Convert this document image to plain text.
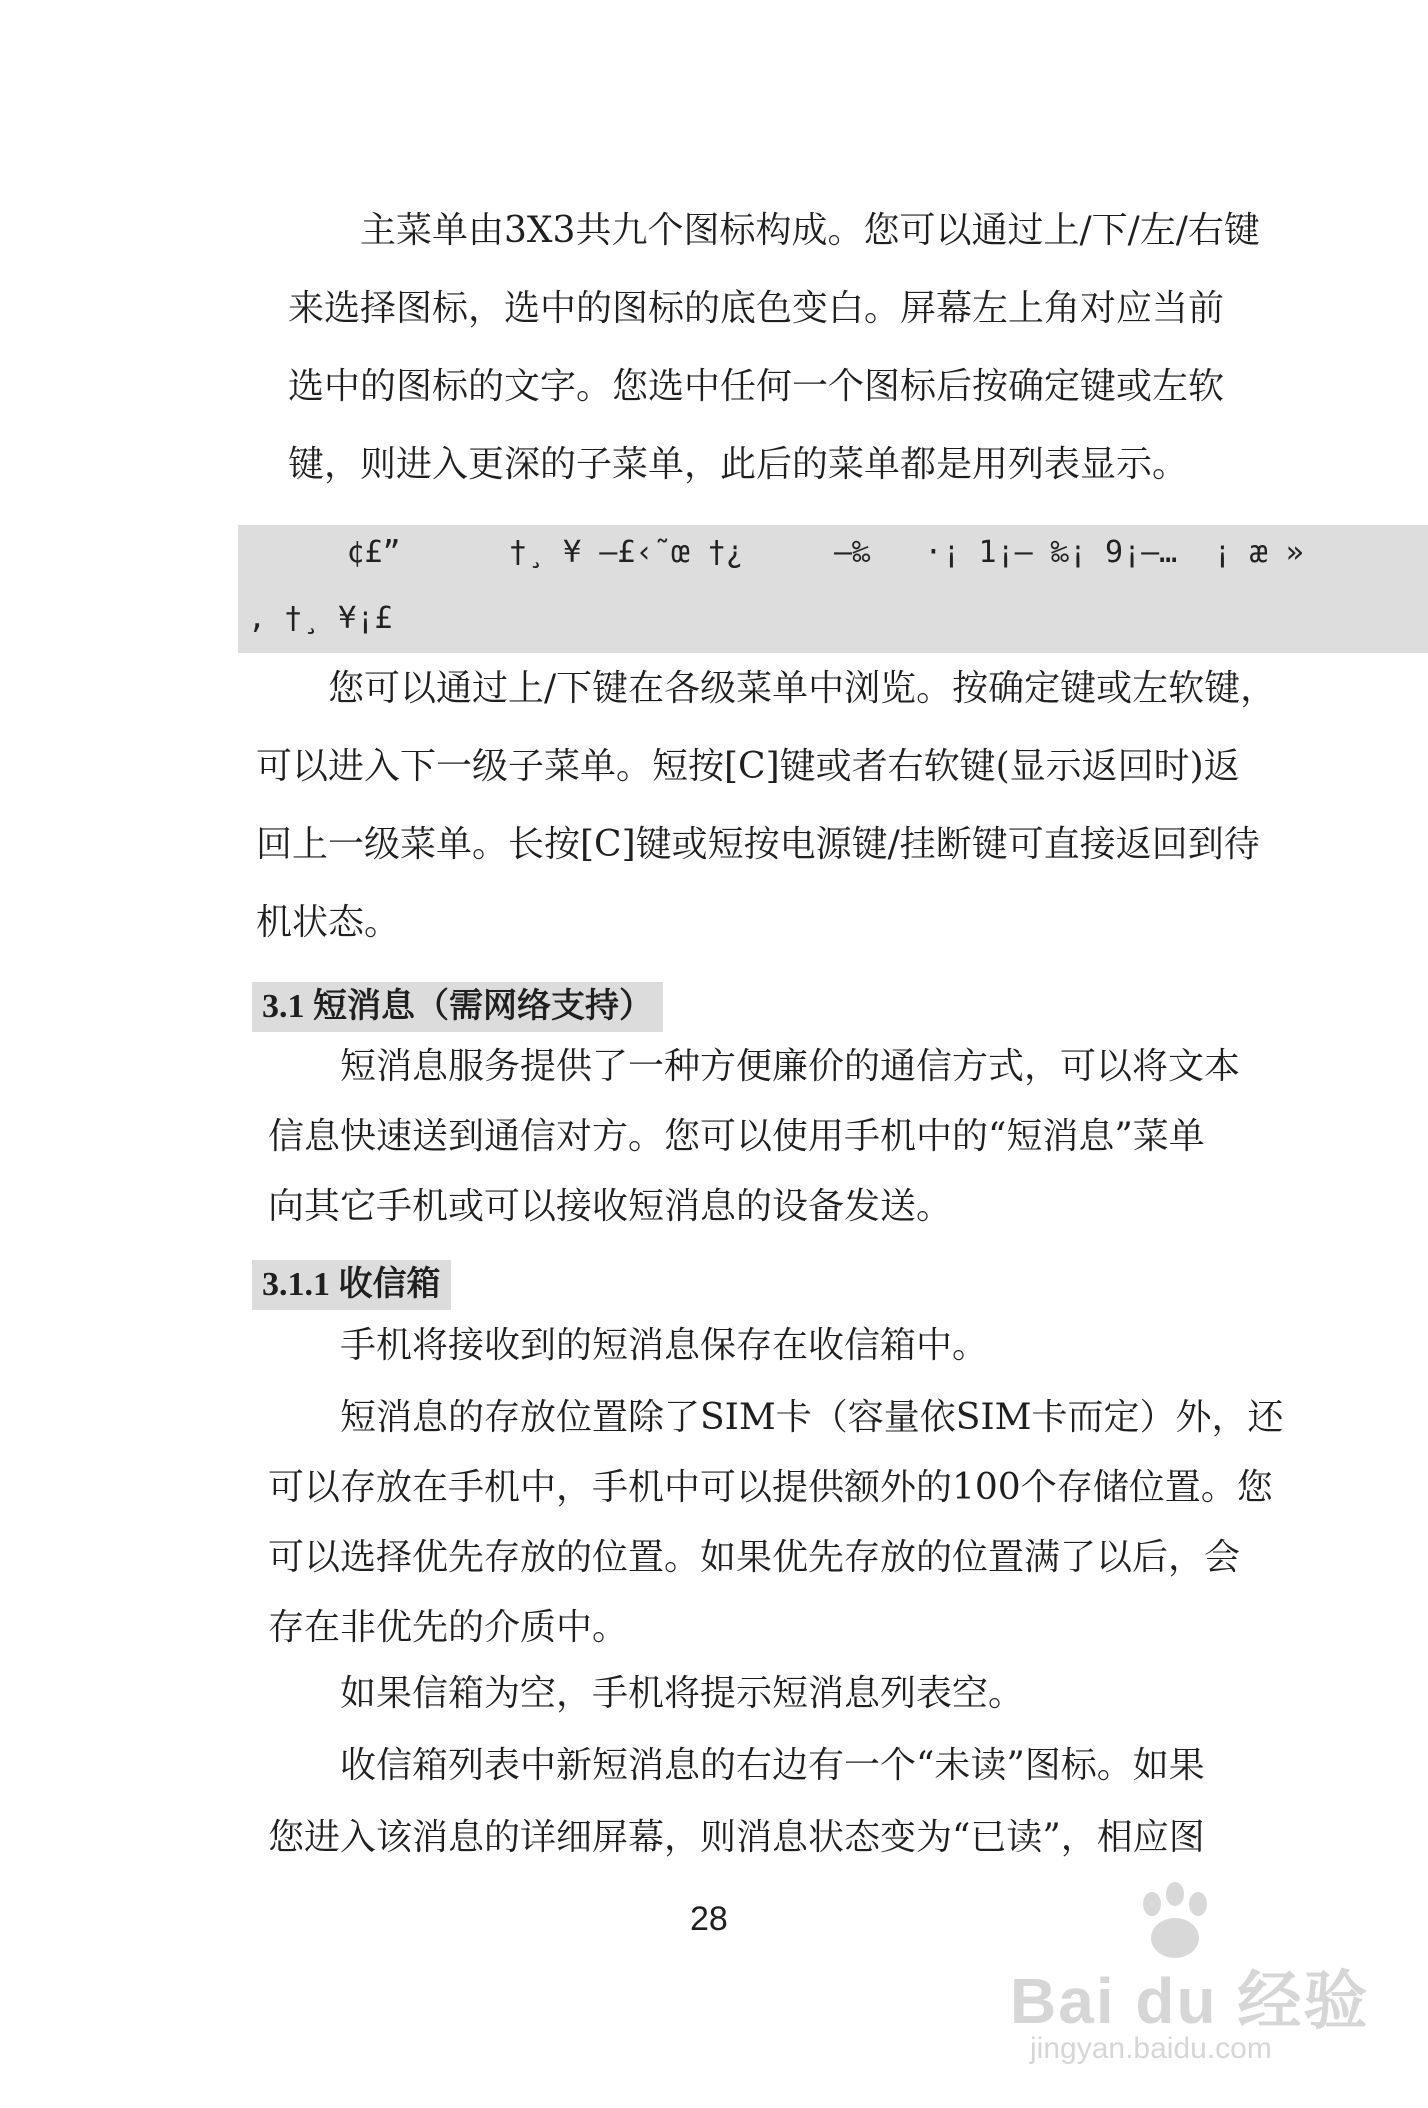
　　主菜单由3X3共九个图标构成。您可以通过上/下/左/右键
来选择图标，选中的图标的底色变白。屏幕左上角对应当前
选中的图标的文字。您选中任何一个图标后按确定键或左软
键，则进入更深的子菜单，此后的菜单都是用列表显示。
¢£”      †¸ ¥ —£‹˜œ †¿     –‰   ·¡ 1¡– ‰¡ 9¡–…  ¡ æ »
, †¸ ¥¡£
　　您可以通过上/下键在各级菜单中浏览。按确定键或左软键，
可以进入下一级子菜单。短按[C]键或者右软键(显示返回时)返
回上一级菜单。长按[C]键或短按电源键/挂断键可直接返回到待
机状态。
3.1 短消息（需网络支持）
　　短消息服务提供了一种方便廉价的通信方式，可以将文本
信息快速送到通信对方。您可以使用手机中的“短消息”菜单
向其它手机或可以接收短消息的设备发送。
3.1.1 收信箱
　　手机将接收到的短消息保存在收信箱中。
　　短消息的存放位置除了SIM卡（容量依SIM卡而定）外，还
可以存放在手机中，手机中可以提供额外的100个存储位置。您
可以选择优先存放的位置。如果优先存放的位置满了以后，会
存在非优先的介质中。
　　如果信箱为空，手机将提示短消息列表空。
　　收信箱列表中新短消息的右边有一个“未读”图标。如果
您进入该消息的详细屏幕，则消息状态变为“已读”，相应图
28
Bai du 经验
jingyan.baidu.com
